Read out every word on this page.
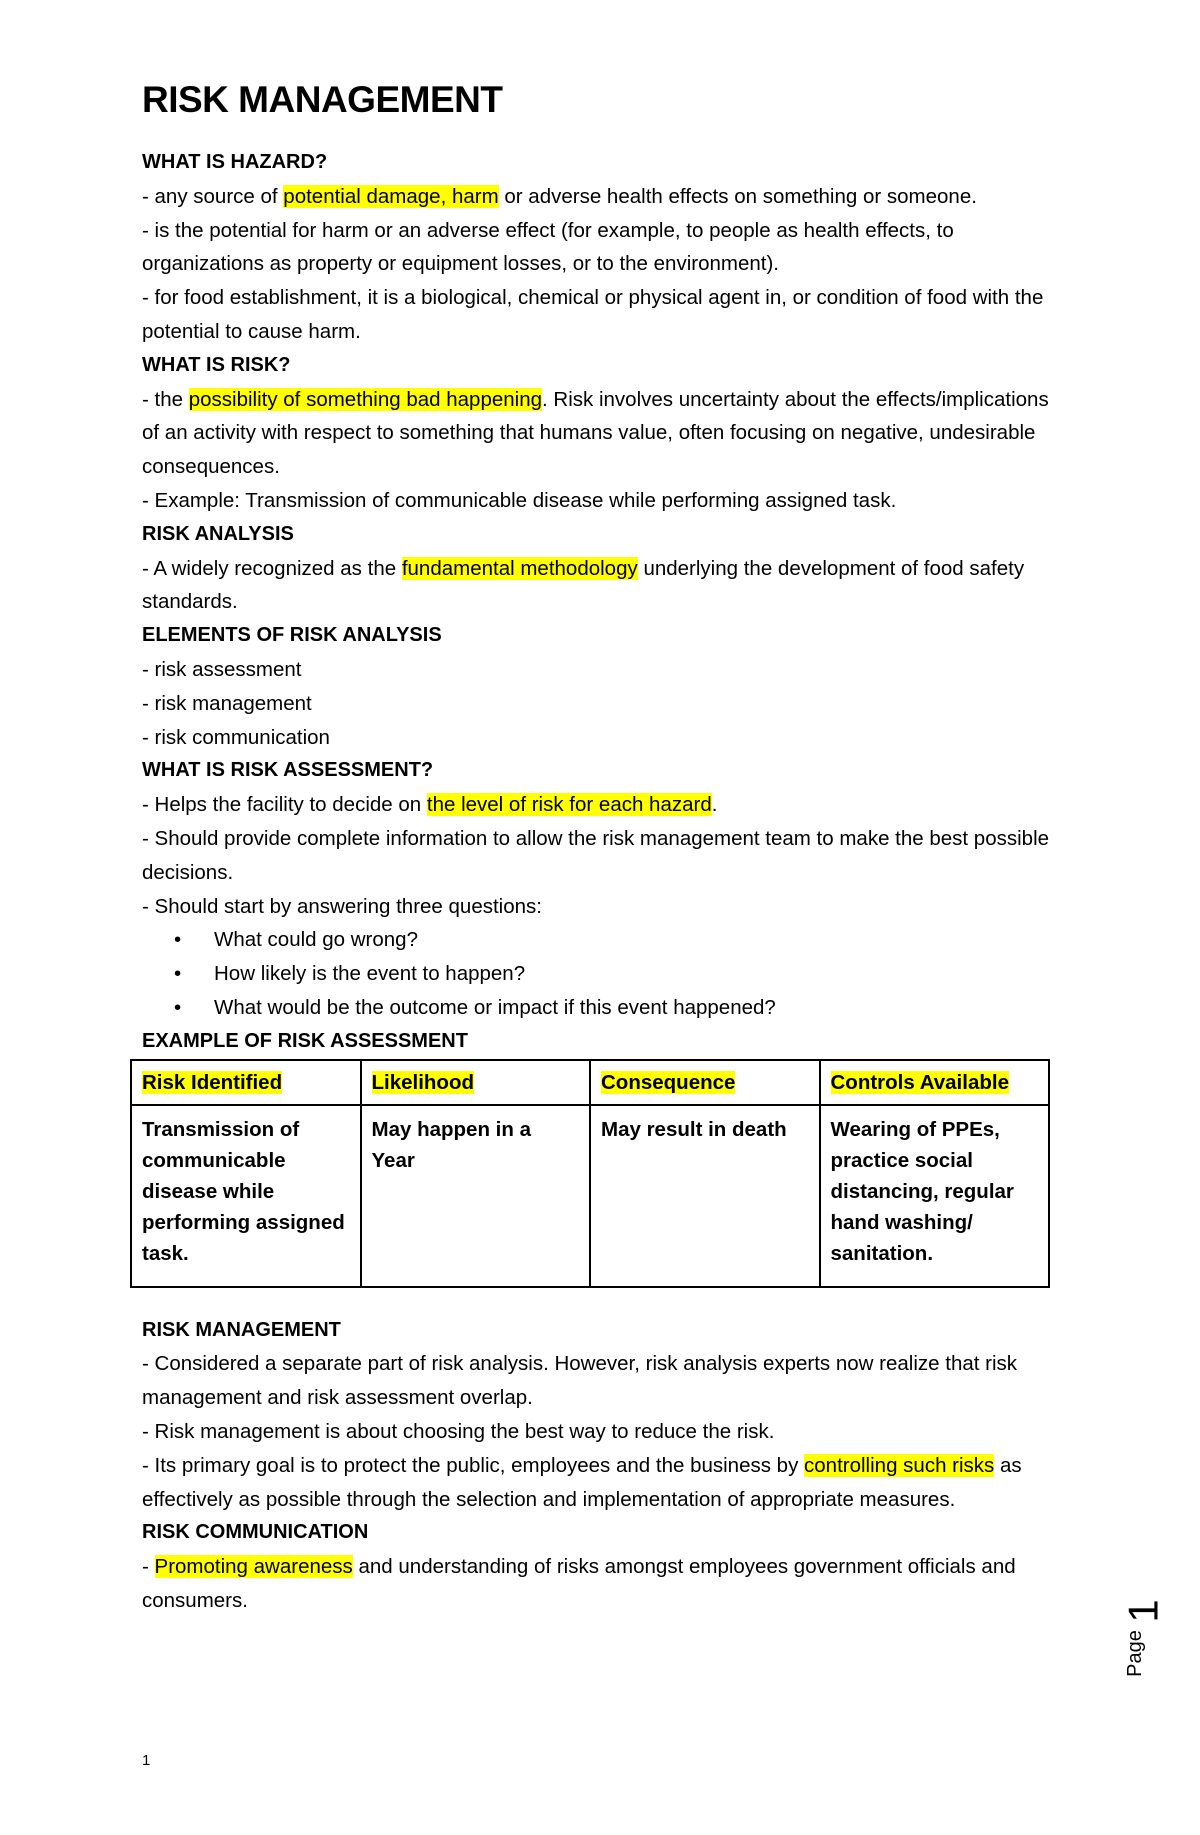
RISK MANAGEMENT
WHAT IS HAZARD?

- any source of potential damage, harm or adverse health effects on something or someone.

- is the potential for harm or an adverse effect (for example, to people as health effects, to organizations as property or equipment losses, or to the environment).

- for food establishment, it is a biological, chemical or physical agent in, or condition of food with the potential to cause harm.

WHAT IS RISK?

- the possibility of something bad happening. Risk involves uncertainty about the effects/implications of an activity with respect to something that humans value, often focusing on negative, undesirable consequences.

- Example: Transmission of communicable disease while performing assigned task.

RISK ANALYSIS

- A widely recognized as the fundamental methodology underlying the development of food safety standards.

ELEMENTS OF RISK ANALYSIS

- risk assessment

- risk management

- risk communication

WHAT IS RISK ASSESSMENT?

- Helps the facility to decide on the level of risk for each hazard.

- Should provide complete information to allow the risk management team to make the best possible decisions.

- Should start by answering three questions:

• What could go wrong?
• How likely is the event to happen?
• What would be the outcome or impact if this event happened?
EXAMPLE OF RISK ASSESSMENT
Risk Identified	Likelihood	Consequence	Controls Available
Transmission of communicable disease while performing assigned task.	May happen in a Year	May result in death	Wearing of PPEs, practice social distancing, regular hand washing/ sanitation.
RISK MANAGEMENT

- Considered a separate part of risk analysis. However, risk analysis experts now realize that risk management and risk assessment overlap.

- Risk management is about choosing the best way to reduce the risk.

- Its primary goal is to protect the public, employees and the business by controlling such risks as effectively as possible through the selection and implementation of appropriate measures.

RISK COMMUNICATION

- Promoting awareness and understanding of risks amongst employees government officials and consumers.	1
Page
1
